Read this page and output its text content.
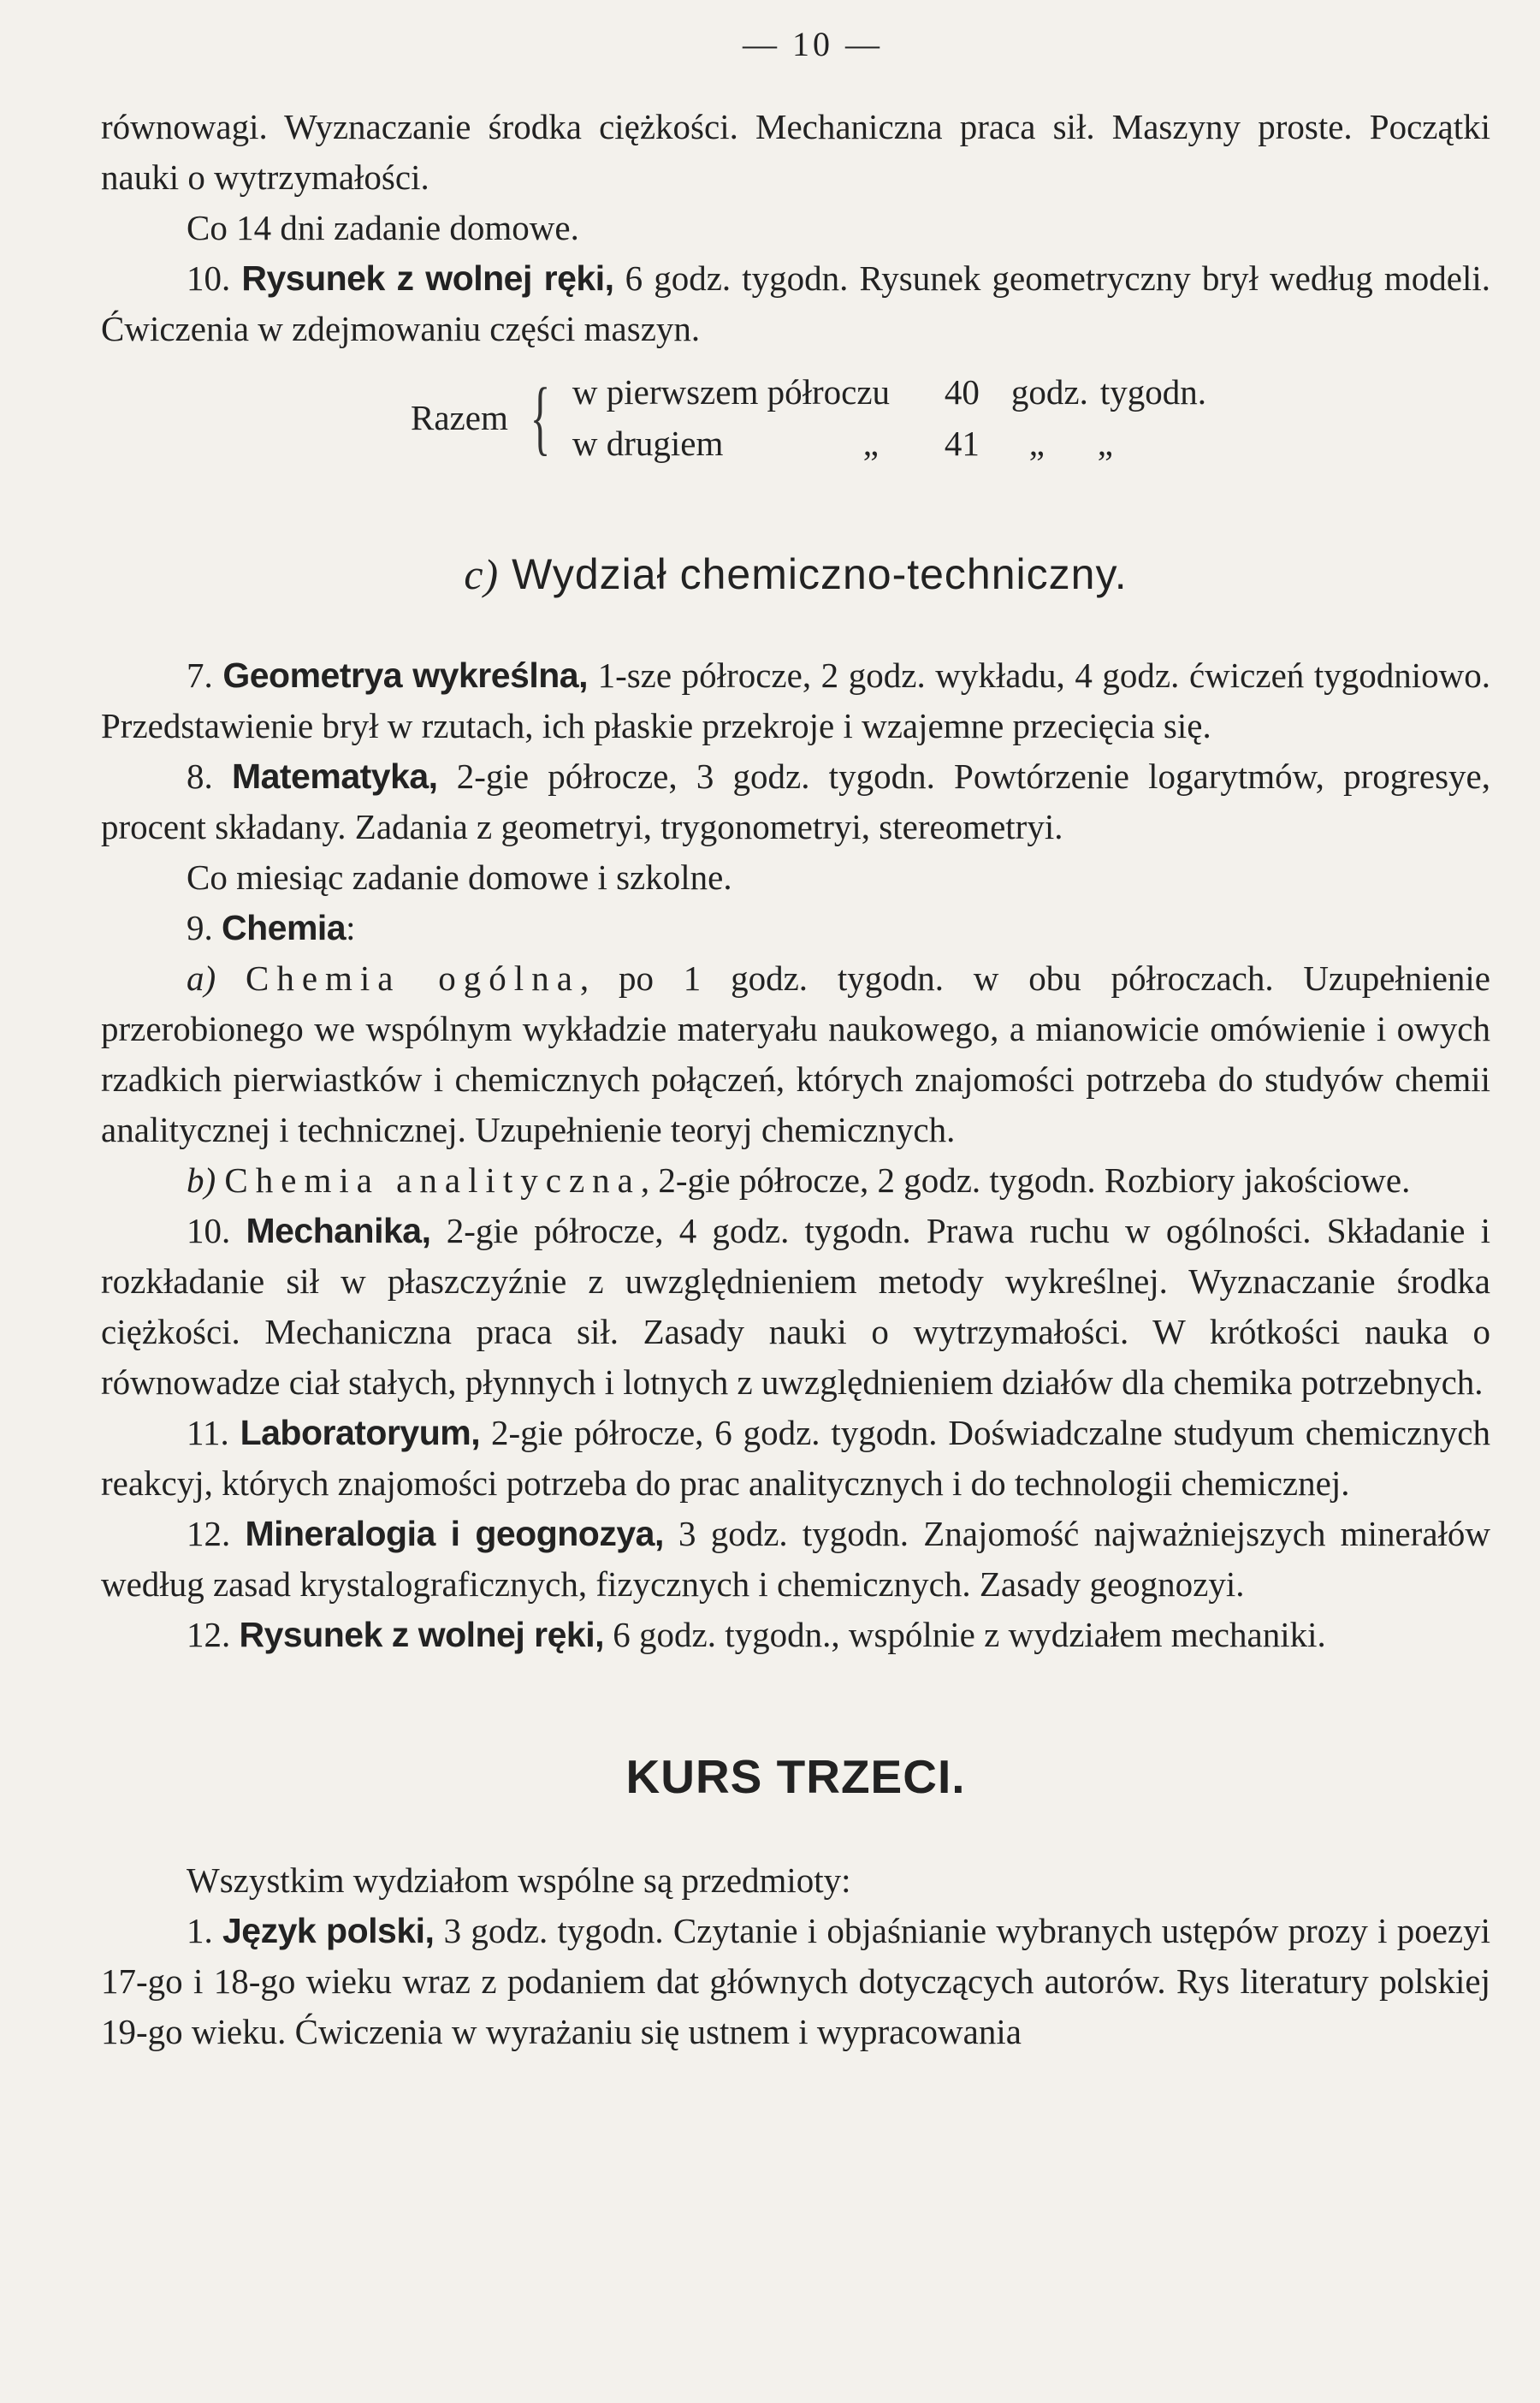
— 10 —

równowagi. Wyznaczanie środka ciężkości. Mechaniczna praca sił. Maszyny proste. Początki nauki o wytrzymałości.

Co 14 dni zadanie domowe.

10. Rysunek z wolnej ręki, 6 godz. tygodn. Rysunek geometryczny brył według modeli. Ćwiczenia w zdejmowaniu części maszyn.

Razem { w pierwszem półroczu	40 godz. tygodn.
w drugiem	„	41	„	„
c) Wydział chemiczno-techniczny.

7. Geometrya wykreślna, 1-sze półrocze, 2 godz. wykładu, 4 godz. ćwiczeń tygodniowo. Przedstawienie brył w rzutach, ich płaskie przekroje i wzajemne przecięcia się.

8. Matematyka, 2-gie półrocze, 3 godz. tygodn. Powtórzenie logarytmów, progresye, procent składany. Zadania z geometryi, trygonometryi, stereometryi.

Co miesiąc zadanie domowe i szkolne.

9. Chemia:

a) Chemia ogólna, po 1 godz. tygodn. w obu półroczach. Uzupełnienie przerobionego we wspólnym wykładzie materyału naukowego, a mianowicie omówienie i owych rzadkich pierwiastków i chemicznych połączeń, których znajomości potrzeba do studyów chemii analitycznej i technicznej. Uzupełnienie teoryj chemicznych.

b) Chemia analityczna, 2-gie półrocze, 2 godz. tygodn. Rozbiory jakościowe.

10. Mechanika, 2-gie półrocze, 4 godz. tygodn. Prawa ruchu w ogólności. Składanie i rozkładanie sił w płaszczyźnie z uwzględnieniem metody wykreślnej. Wyznaczanie środka ciężkości. Mechaniczna praca sił. Zasady nauki o wytrzymałości. W krótkości nauka o równowadze ciał stałych, płynnych i lotnych z uwzględnieniem działów dla chemika potrzebnych.

11. Laboratoryum, 2-gie półrocze, 6 godz. tygodn. Doświadczalne studyum chemicznych reakcyj, których znajomości potrzeba do prac analitycznych i do technologii chemicznej.

12. Mineralogia i geognozya, 3 godz. tygodn. Znajomość najważniejszych minerałów według zasad krystalograficznych, fizycznych i chemicznych. Zasady geognozyi.

12. Rysunek z wolnej ręki, 6 godz. tygodn., wspólnie z wydziałem mechaniki.

KURS TRZECI.

Wszystkim wydziałom wspólne są przedmioty:

1. Język polski, 3 godz. tygodn. Czytanie i objaśnianie wybranych ustępów prozy i poezyi 17-go i 18-go wieku wraz z podaniem dat głównych dotyczących autorów. Rys literatury polskiej 19-go wieku. Ćwiczenia w wyrażaniu się ustnem i wypracowania
